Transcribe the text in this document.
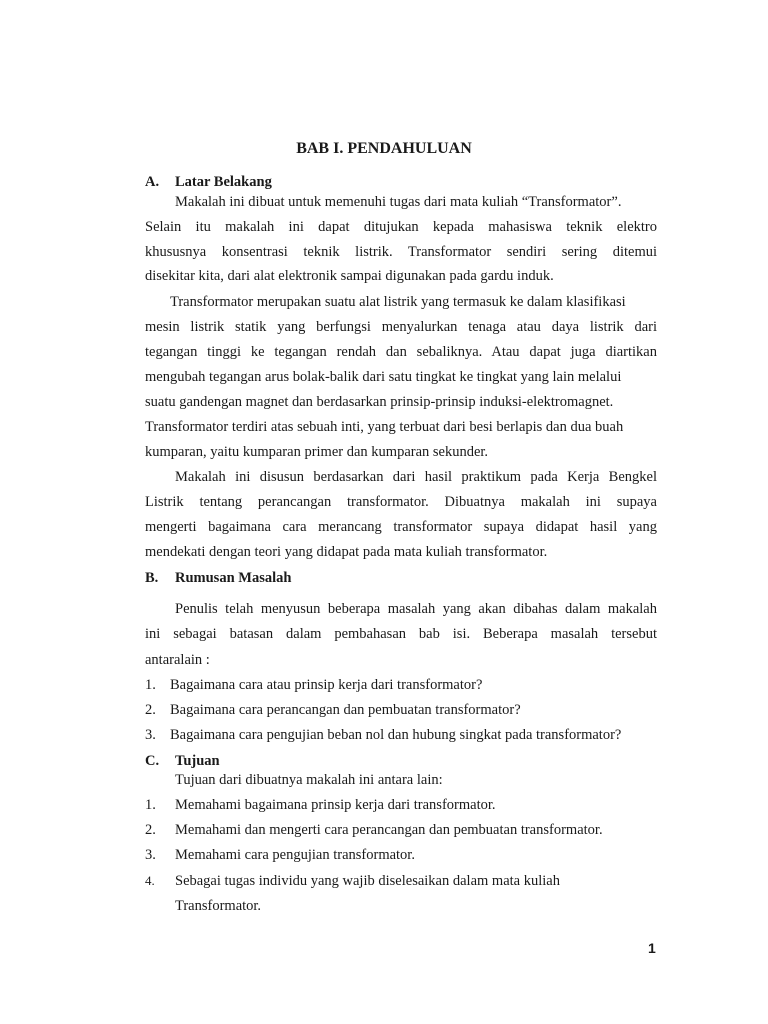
BAB I. PENDAHULUAN

A. Latar Belakang

Makalah ini dibuat untuk memenuhi tugas dari mata kuliah “Transformator”.

Selain itu makalah ini dapat ditujukan kepada mahasiswa teknik elektro

khususnya konsentrasi teknik listrik. Transformator sendiri sering ditemui

disekitar kita, dari alat elektronik sampai digunakan pada gardu induk.

Transformator merupakan suatu alat listrik yang termasuk ke dalam klasifikasi

mesin listrik statik yang berfungsi menyalurkan tenaga atau daya listrik dari

tegangan tinggi ke tegangan rendah dan sebaliknya. Atau dapat juga diartikan

mengubah tegangan arus bolak-balik dari satu tingkat ke tingkat yang lain melalui

suatu gandengan magnet dan berdasarkan prinsip-prinsip induksi-elektromagnet.

Transformator terdiri atas sebuah inti, yang terbuat dari besi berlapis dan dua buah

kumparan, yaitu kumparan primer dan kumparan sekunder.

Makalah ini disusun berdasarkan dari hasil praktikum pada Kerja Bengkel

Listrik tentang perancangan transformator. Dibuatnya makalah ini supaya

mengerti bagaimana cara merancang transformator supaya didapat hasil yang

mendekati dengan teori yang didapat pada mata kuliah transformator.

B. Rumusan Masalah

Penulis telah menyusun beberapa masalah yang akan dibahas dalam makalah

ini sebagai batasan dalam pembahasan bab isi. Beberapa masalah tersebut

antaralain :

1. Bagaimana cara atau prinsip kerja dari transformator?

2. Bagaimana cara perancangan dan pembuatan transformator?

3. Bagaimana cara pengujian beban nol dan hubung singkat pada transformator?

C. Tujuan

Tujuan dari dibuatnya makalah ini antara lain:

1. Memahami bagaimana prinsip kerja dari transformator.

2. Memahami dan mengerti cara perancangan dan pembuatan transformator.

3. Memahami cara pengujian transformator.

4. Sebagai tugas individu yang wajib diselesaikan dalam mata kuliah

Transformator.

1
